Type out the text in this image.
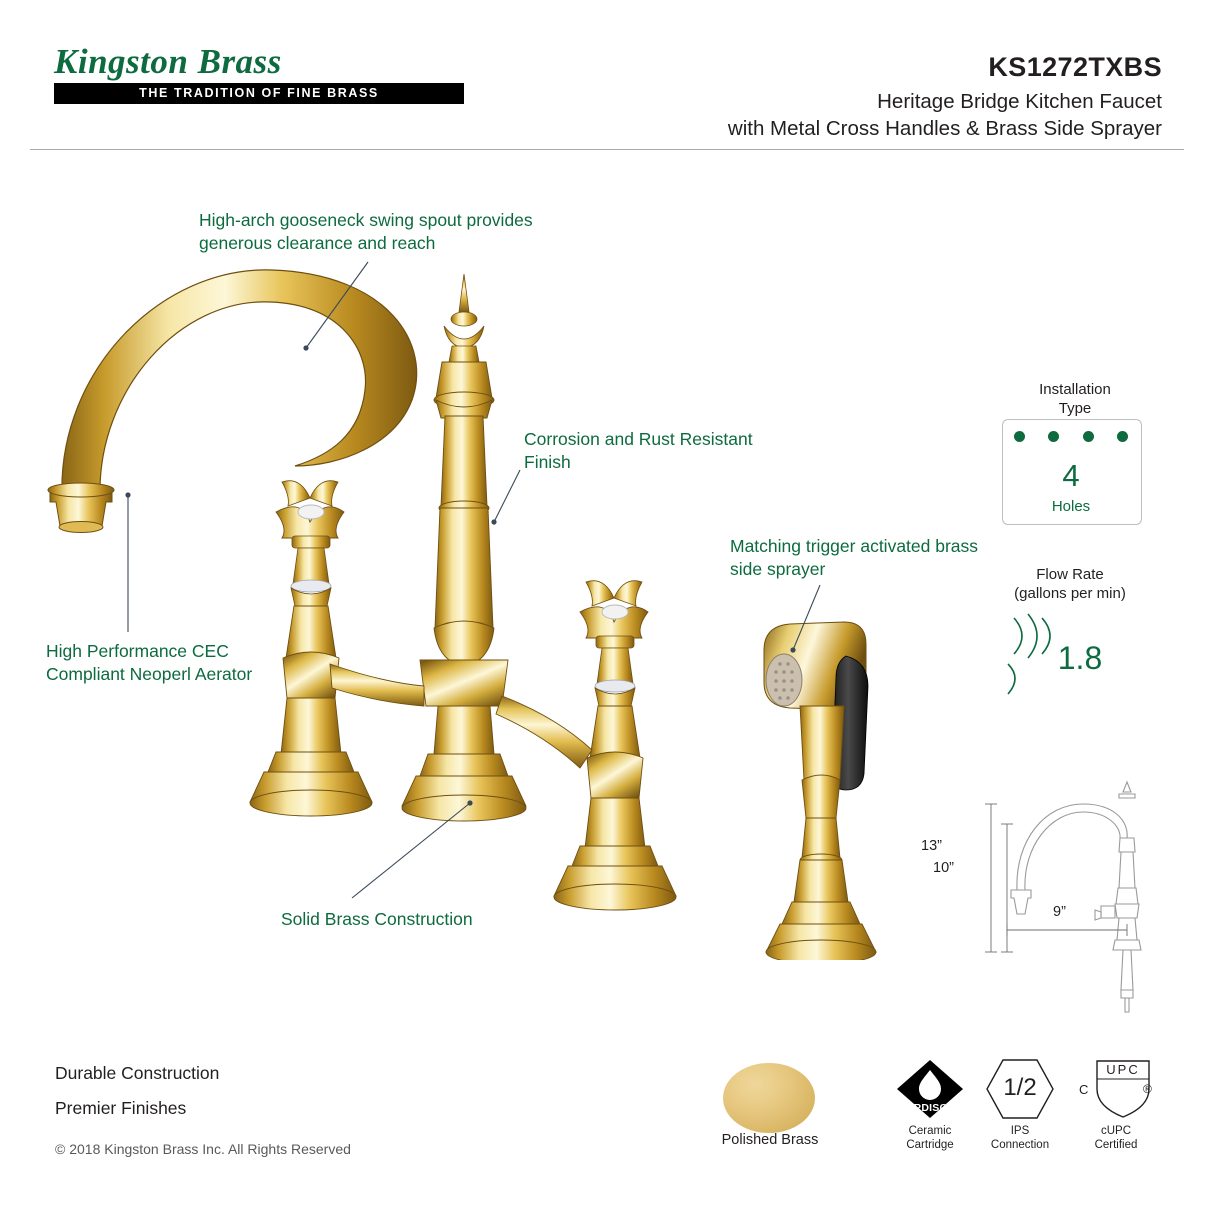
Kingston Brass
THE TRADITION OF FINE BRASS
KS1272TXBS
Heritage Bridge Kitchen Faucet
with Metal Cross Handles & Brass Side Sprayer
High-arch gooseneck swing spout provides generous clearance and reach
Corrosion and Rust Resistant Finish
Matching trigger activated brass side sprayer
High Performance CEC Compliant Neoperl Aerator
Solid Brass Construction
Installation
Type
4
Holes
Flow Rate
(gallons per min)
1.8
13”
10”
9”
Durable Construction
Premier Finishes
© 2018 Kingston Brass Inc. All Rights Reserved
Polished Brass
HARDISC™
Ceramic
Cartridge
1/2
IPS
Connection
UPC
C	®
cUPC
Certified
